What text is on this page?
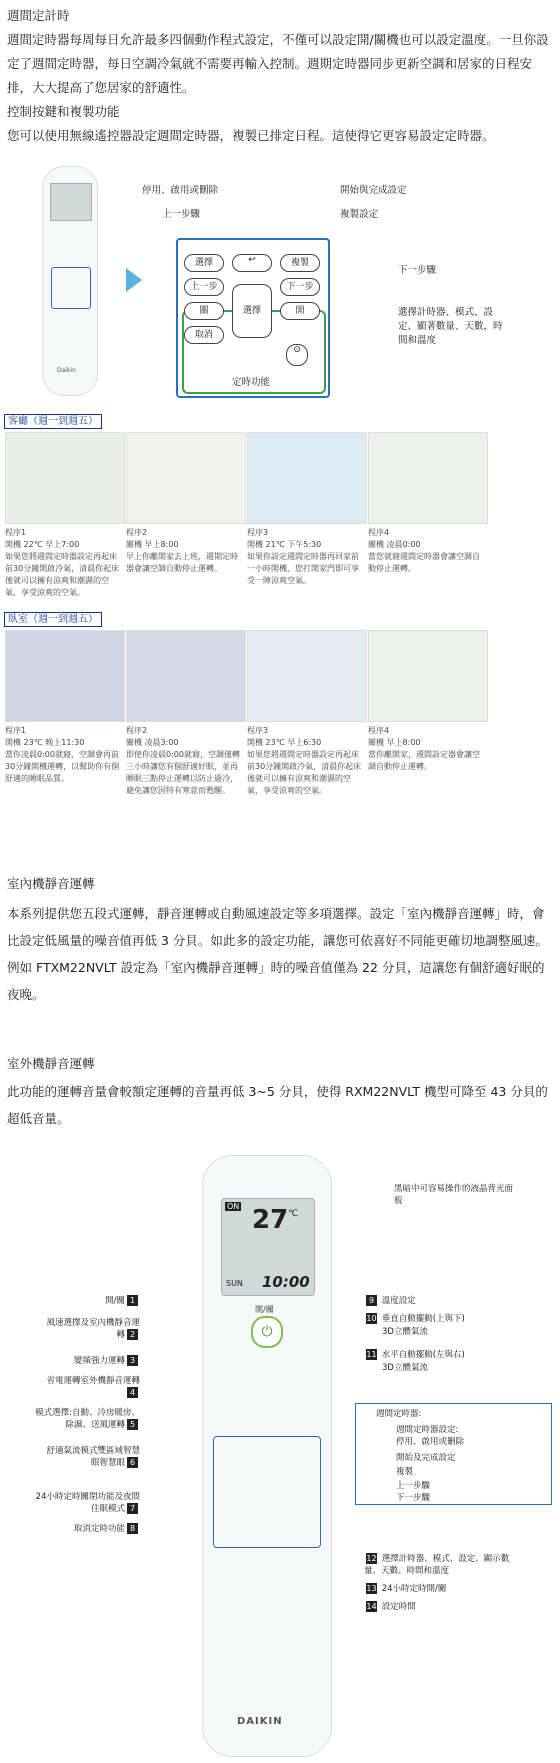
週間定計時
週間定時器每周每日允許最多四個動作程式設定，不僅可以設定開/關機也可以設定溫度。一旦你設定了週間定時器，每日空調冷氣就不需要再輸入控制。週期定時器同步更新空調和居家的日程安排，大大提高了您居家的舒適性。
控制按鍵和複製功能
您可以使用無線遙控器設定週間定時器，複製已排定日程。這使得它更容易設定定時器。
Daikin
選擇	↩	複製
上一步	下一步
關	選擇	開
取消
⊙
定時功能
停用、啟用或刪除	開始與完成設定
上一步驟	複製設定
下一步驟
選擇計時器、模式、設定、顯著數量、天數，時間和溫度
客廳（週一到週五）
程序1
開機 22℃ 早上7:00
如果您將週間定時器設定再起床前30分鐘開啟冷氣，清晨你起床後就可以擁有涼爽和潮濕的空氣，享受涼爽的空氣。
程序2
關機 早上8:00
早上你離開家去上班，週期定時器會讓空調自動停止運轉。
程序3
開機 21℃ 下午5:30
如果你設定週間定時器再回家前一小時開機，您打開家門即可享受一陣涼爽空氣。
程序4
關機 凌晨0:00
當您就寢週間定時器會讓空調自動停止運轉。
臥室（週一到週五）
程序1
開機 23℃ 晚上11:30
當你凌晨0:00就寢，空調會再前30分鐘開機運轉，以幫助你有個舒適的睡眠品質。
程序2
關機 凌晨3:00
即使你凌晨0:00就寢，空調僅轉三小時讓您有個舒適好眠，並再睡眠三點停止運轉以防止過冷，避免讓您因特有寒意而甦醒。
程序3
開機 23℃ 早上6:30
如果您將週間定時器設定再起床前30分鐘開啟冷氣，清晨你起床後就可以擁有涼爽和潮濕的空氣，享受涼爽的空氣。
程序4
關機 早上8:00
當你離開家，週間設定器會讓空調自動停止運轉。
室內機靜音運轉
本系列提供您五段式運轉，靜音運轉或自動風速設定等多項選擇。設定「室內機靜音運轉」時，會比設定低風量的噪音值再低 3 分貝。如此多的設定功能，讓您可依喜好不同能更確切地調整風速。例如 FTXM22NVLT 設定為「室內機靜音運轉」時的噪音值僅為 22 分貝，這讓您有個舒適好眠的夜晚。
室外機靜音運轉
此功能的運轉音量會較額定運轉的音量再低 3~5 分貝，使得 RXM22NVLT 機型可降至 43 分貝的超低音量。
ON 27 ℃
SUN 10:00
開/關
⏻
DAIKIN
開/關 1
風速選擇及室內機靜音運轉 2
變頻強力運轉 3
省電運轉室外機靜音運轉4
模式選擇:自動、冷房暖房、除濕、送風運轉 5
舒適氣流模式雙區域智慧眼智慧眼 6
24小時定時關閉功能及夜間住眠模式 7
取消定時功能 8
黑暗中可容易操作的液晶背光面板
9 溫度設定
10 垂直自動擺動(上與下)
3D立體氣流
11 水平自動擺動(左與右)
3D立體氣流
週間定時器:
週間定時器設定:
停用、啟用或刪除
開始及完成設定
複製
上一步驟
下一步驟
12 選擇計時器、模式、設定、顯示數量、天數、時間和溫度
13 24小時定時開/關
14 設定時間
